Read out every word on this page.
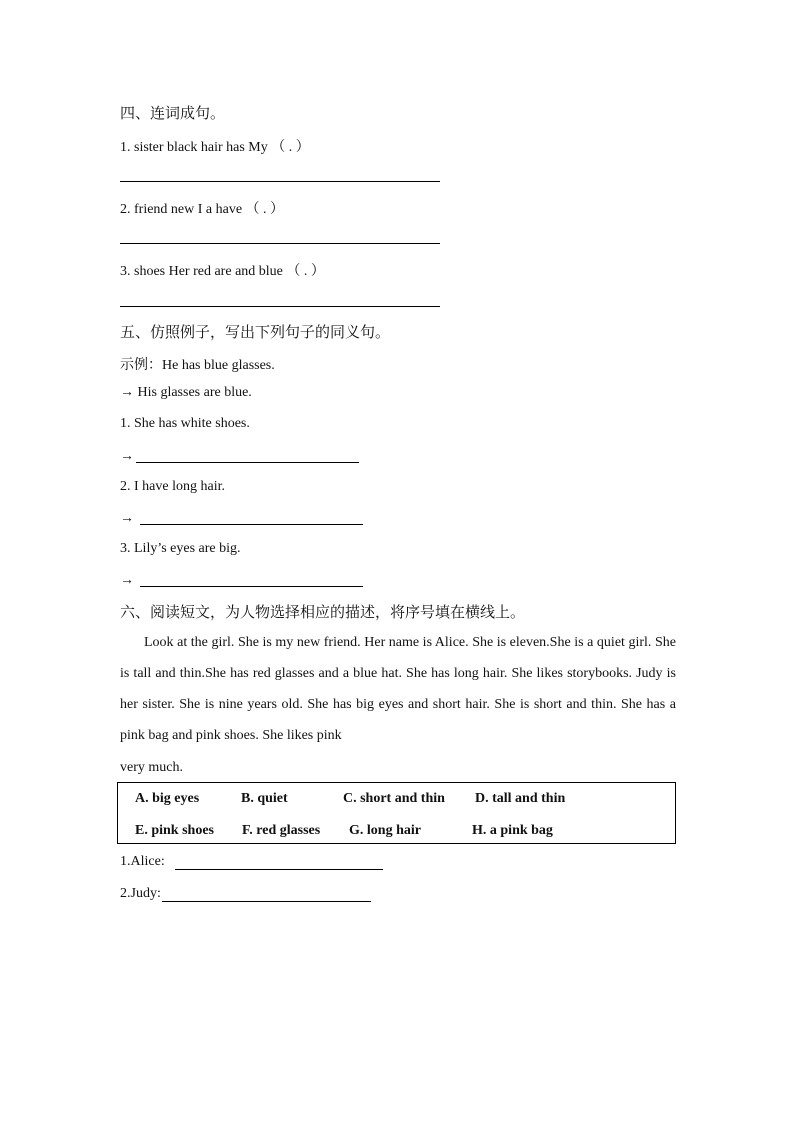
四、连词成句。
1. sister black hair has My （ . ）
2. friend new I a have （ . ）
3. shoes Her red are and blue （ . ）
五、仿照例子，写出下列句子的同义句。
示例：He has blue glasses.
→ His glasses are blue.
1. She has white shoes.
→
2. I have long hair.
→
3. Lily’s eyes are big.
→
六、阅读短文，为人物选择相应的描述，将序号填在横线上。
Look at the girl. She is my new friend. Her name is Alice. She is eleven.She is a quiet girl. She is tall and thin.She has red glasses and a blue hat. She has long hair. She likes storybooks. Judy is her sister. She is nine years old. She has big eyes and short hair. She is short and thin. She has a pink bag and pink shoes. She likes pink
very much.
A. big eyes	B. quiet	C. short and thin D. tall and thin
E. pink shoes F. red glasses G. long hair	H. a pink bag
1.Alice:
2.Judy:
